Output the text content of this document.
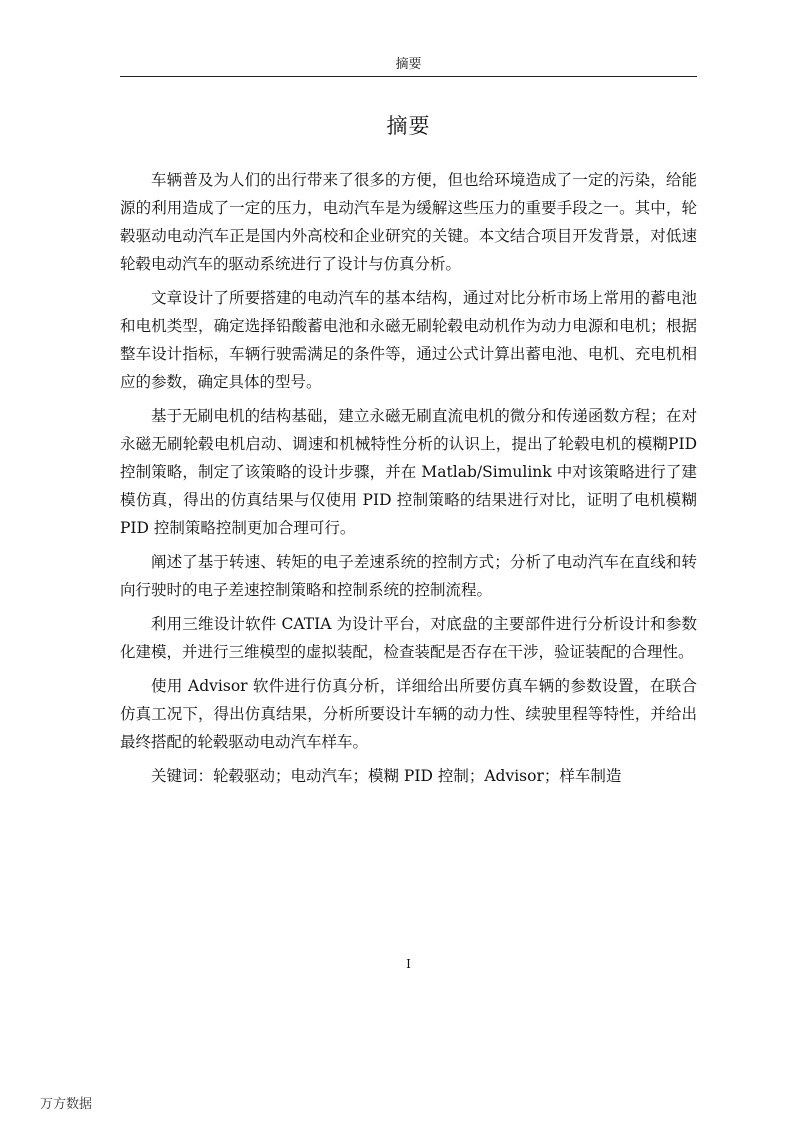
摘要
摘要

车辆普及为人们的出行带来了很多的方便，但也给环境造成了一定的污染，给能源的利用造成了一定的压力，电动汽车是为缓解这些压力的重要手段之一。其中，轮毂驱动电动汽车正是国内外高校和企业研究的关键。本文结合项目开发背景，对低速轮毂电动汽车的驱动系统进行了设计与仿真分析。

文章设计了所要搭建的电动汽车的基本结构，通过对比分析市场上常用的蓄电池和电机类型，确定选择铅酸蓄电池和永磁无刷轮毂电动机作为动力电源和电机；根据整车设计指标，车辆行驶需满足的条件等，通过公式计算出蓄电池、电机、充电机相应的参数，确定具体的型号。

基于无刷电机的结构基础，建立永磁无刷直流电机的微分和传递函数方程；在对永磁无刷轮毂电机启动、调速和机械特性分析的认识上，提出了轮毂电机的模糊PID 控制策略，制定了该策略的设计步骤，并在 Matlab/Simulink 中对该策略进行了建模仿真，得出的仿真结果与仅使用 PID 控制策略的结果进行对比，证明了电机模糊 PID 控制策略控制更加合理可行。

阐述了基于转速、转矩的电子差速系统的控制方式；分析了电动汽车在直线和转向行驶时的电子差速控制策略和控制系统的控制流程。

利用三维设计软件 CATIA 为设计平台，对底盘的主要部件进行分析设计和参数化建模，并进行三维模型的虚拟装配，检查装配是否存在干涉，验证装配的合理性。

使用 Advisor 软件进行仿真分析，详细给出所要仿真车辆的参数设置，在联合仿真工况下，得出仿真结果，分析所要设计车辆的动力性、续驶里程等特性，并给出最终搭配的轮毂驱动电动汽车样车。

关键词：轮毂驱动；电动汽车；模糊 PID 控制；Advisor；样车制造

I
万方数据
